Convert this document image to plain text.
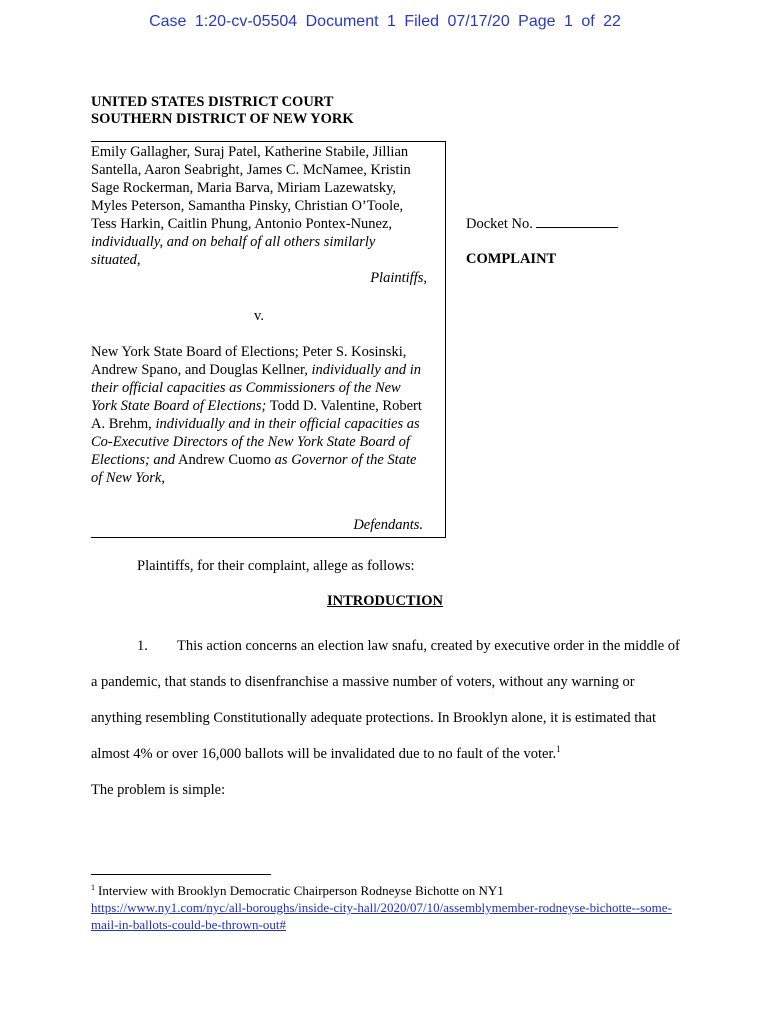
Case 1:20-cv-05504 Document 1 Filed 07/17/20 Page 1 of 22
UNITED STATES DISTRICT COURT
SOUTHERN DISTRICT OF NEW YORK

Emily Gallagher, Suraj Patel, Katherine Stabile, Jillian Santella, Aaron Seabright, James C. McNamee, Kristin Sage Rockerman, Maria Barva, Miriam Lazewatsky, Myles Peterson, Samantha Pinsky, Christian O’Toole, Tess Harkin, Caitlin Phung, Antonio Pontex-Nunez, individually, and on behalf of all others similarly situated,

Plaintiffs,

v.

New York State Board of Elections; Peter S. Kosinski, Andrew Spano, and Douglas Kellner, individually and in their official capacities as Commissioners of the New York State Board of Elections; Todd D. Valentine, Robert A. Brehm, individually and in their official capacities as Co-Executive Directors of the New York State Board of Elections; and Andrew Cuomo as Governor of the State of New York,

Defendants.
Docket No.
COMPLAINT
Plaintiffs, for their complaint, allege as follows:
INTRODUCTION
1. This action concerns an election law snafu, created by executive order in the middle of a pandemic, that stands to disenfranchise a massive number of voters, without any warning or anything resembling Constitutionally adequate protections. In Brooklyn alone, it is estimated that almost 4% or over 16,000 ballots will be invalidated due to no fault of the voter.$^1$
The problem is simple:
$^1$ Interview with Brooklyn Democratic Chairperson Rodneyse Bichotte on NY1
https://www.ny1.com/nyc/all-boroughs/inside-city-hall/2020/07/10/assemblymember-rodneyse-bichotte--some-mail-in-ballots-could-be-thrown-out#
